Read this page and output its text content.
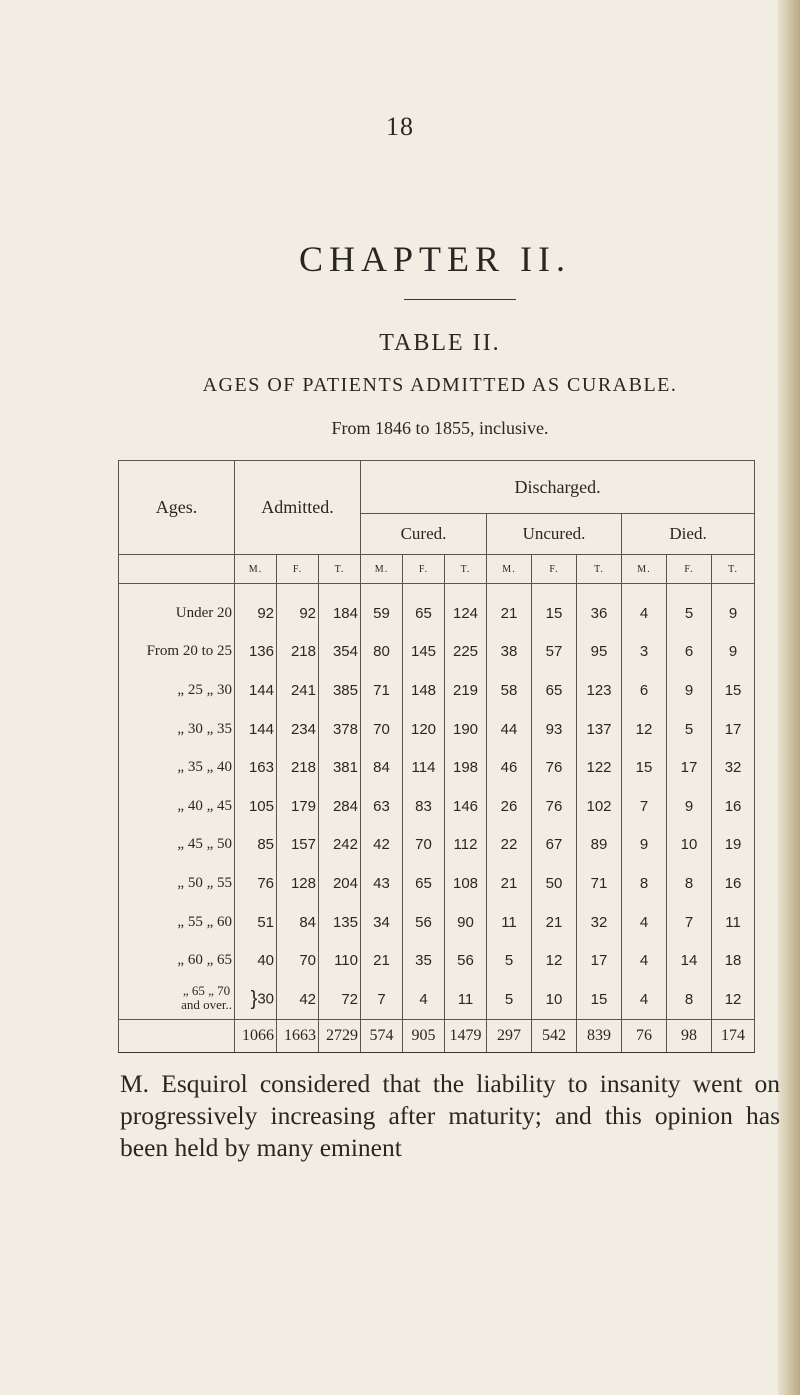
18
CHAPTER II.
TABLE II.
AGES OF PATIENTS ADMITTED AS CURABLE.
From 1846 to 1855, inclusive.
Ages.	Admitted.			Discharged.								
				Cured.			Uncured.			Died.		
	M.	F.	T.	M.	F.	T.	M.	F.	T.	M.	F.	T.
Under 20	92	92	184	59	65	124	21	15	36	4	5	9
From 20 to 25	136	218	354	80	145	225	38	57	95	3	6	9
„ 25 „ 30	144	241	385	71	148	219	58	65	123	6	9	15
„ 30 „ 35	144	234	378	70	120	190	44	93	137	12	5	17
„ 35 „ 40	163	218	381	84	114	198	46	76	122	15	17	32
„ 40 „ 45	105	179	284	63	83	146	26	76	102	7	9	16
„ 45 „ 50	85	157	242	42	70	112	22	67	89	9	10	19
„ 50 „ 55	76	128	204	43	65	108	21	50	71	8	8	16
„ 55 „ 60	51	84	135	34	56	90	11	21	32	4	7	11
„ 60 „ 65	40	70	110	21	35	56	5	12	17	4	14	18

„ 65 „ 70
and over..	}30	42	72	7	4	11	5	10	15	4	8	12
	1066	1663	2729	574	905	1479	297	542	839	76	98	174
M. Esquirol considered that the liability to insanity went on progressively increasing after maturity; and this opinion has been held by many eminent
